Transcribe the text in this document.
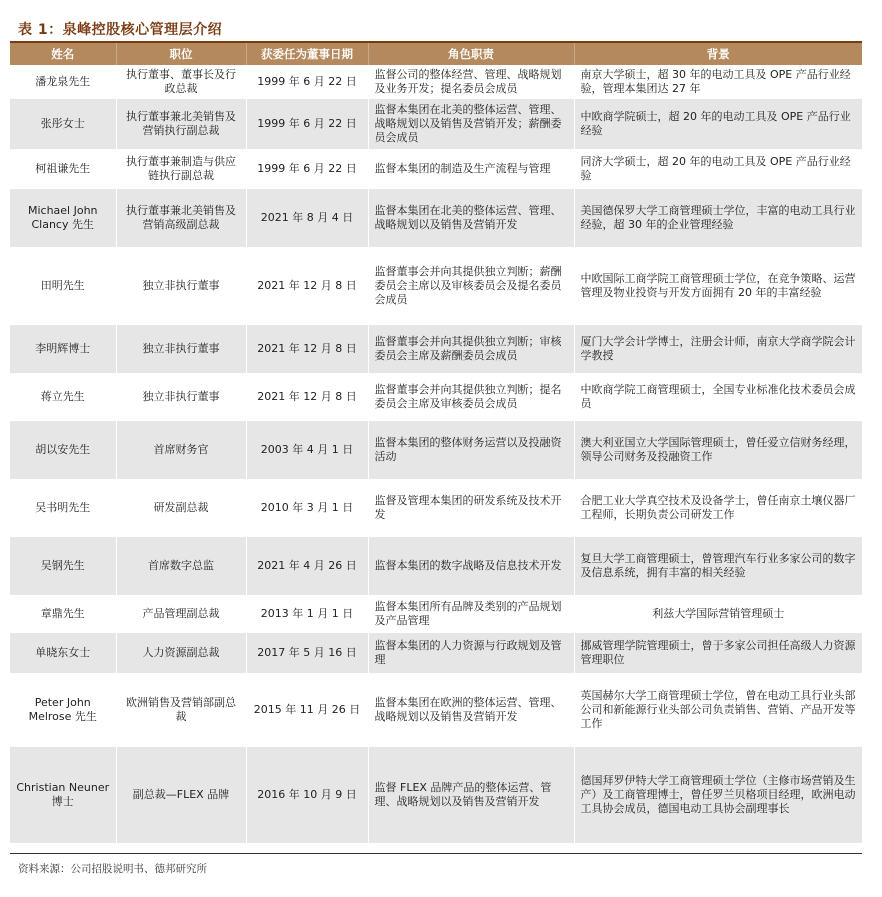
表 1：泉峰控股核心管理层介绍
姓名	职位	获委任为董事日期	角色职责	背景
潘龙泉先生	执行董事、董事长及行政总裁	1999 年 6 月 22 日	监督公司的整体经营、管理、战略规划及业务开发；提名委员会成员	南京大学硕士，超 30 年的电动工具及 OPE 产品行业经验，管理本集团达 27 年
张彤女士	执行董事兼北美销售及营销执行副总裁	1999 年 6 月 22 日	监督本集团在北美的整体运营、管理、战略规划以及销售及营销开发；薪酬委员会成员	中欧商学院硕士，超 20 年的电动工具及 OPE 产品行业经验
柯祖谦先生	执行董事兼制造与供应链执行副总裁	1999 年 6 月 22 日	监督本集团的制造及生产流程与管理	同济大学硕士，超 20 年的电动工具及 OPE 产品行业经验
Michael John Clancy 先生	执行董事兼北美销售及营销高级副总裁	2021 年 8 月 4 日	监督本集团在北美的整体运营、管理、战略规划以及销售及营销开发	美国德保罗大学工商管理硕士学位，丰富的电动工具行业经验，超 30 年的企业管理经验
田明先生	独立非执行董事	2021 年 12 月 8 日	监督董事会并向其提供独立判断；薪酬委员会主席以及审核委员会及提名委员会成员	中欧国际工商学院工商管理硕士学位，在竞争策略、运营管理及物业投资与开发方面拥有 20 年的丰富经验
李明辉博士	独立非执行董事	2021 年 12 月 8 日	监督董事会并向其提供独立判断；审核委员会主席及薪酬委员会成员	厦门大学会计学博士，注册会计师，南京大学商学院会计学教授
蒋立先生	独立非执行董事	2021 年 12 月 8 日	监督董事会并向其提供独立判断；提名委员会主席及审核委员会成员	中欧商学院工商管理硕士，全国专业标准化技术委员会成员
胡以安先生	首席财务官	2003 年 4 月 1 日	监督本集团的整体财务运营以及投融资活动	澳大利亚国立大学国际管理硕士，曾任爱立信财务经理，领导公司财务及投融资工作
吴书明先生	研发副总裁	2010 年 3 月 1 日	监督及管理本集团的研发系统及技术开发	合肥工业大学真空技术及设备学士，曾任南京土壤仪器厂工程师，长期负责公司研发工作
吴钢先生	首席数字总监	2021 年 4 月 26 日	监督本集团的数字战略及信息技术开发	复旦大学工商管理硕士，曾管理汽车行业多家公司的数字及信息系统，拥有丰富的相关经验
章鼎先生	产品管理副总裁	2013 年 1 月 1 日	监督本集团所有品牌及类别的产品规划及产品管理	利兹大学国际营销管理硕士
单晓东女士	人力资源副总裁	2017 年 5 月 16 日	监督本集团的人力资源与行政规划及管理	挪威管理学院管理硕士，曾于多家公司担任高级人力资源管理职位
Peter John Melrose 先生	欧洲销售及营销部副总裁	2015 年 11 月 26 日	监督本集团在欧洲的整体运营、管理、战略规划以及销售及营销开发	英国赫尔大学工商管理硕士学位，曾在电动工具行业头部公司和新能源行业头部公司负责销售、营销、产品开发等工作
Christian Neuner 博士	副总裁—FLEX 品牌	2016 年 10 月 9 日	监督 FLEX 品牌产品的整体运营、管理、战略规划以及销售及营销开发	德国拜罗伊特大学工商管理硕士学位（主修市场营销及生产）及工商管理博士，曾任罗兰贝格项目经理，欧洲电动工具协会成员，德国电动工具协会副理事长
资料来源：公司招股说明书、德邦研究所
